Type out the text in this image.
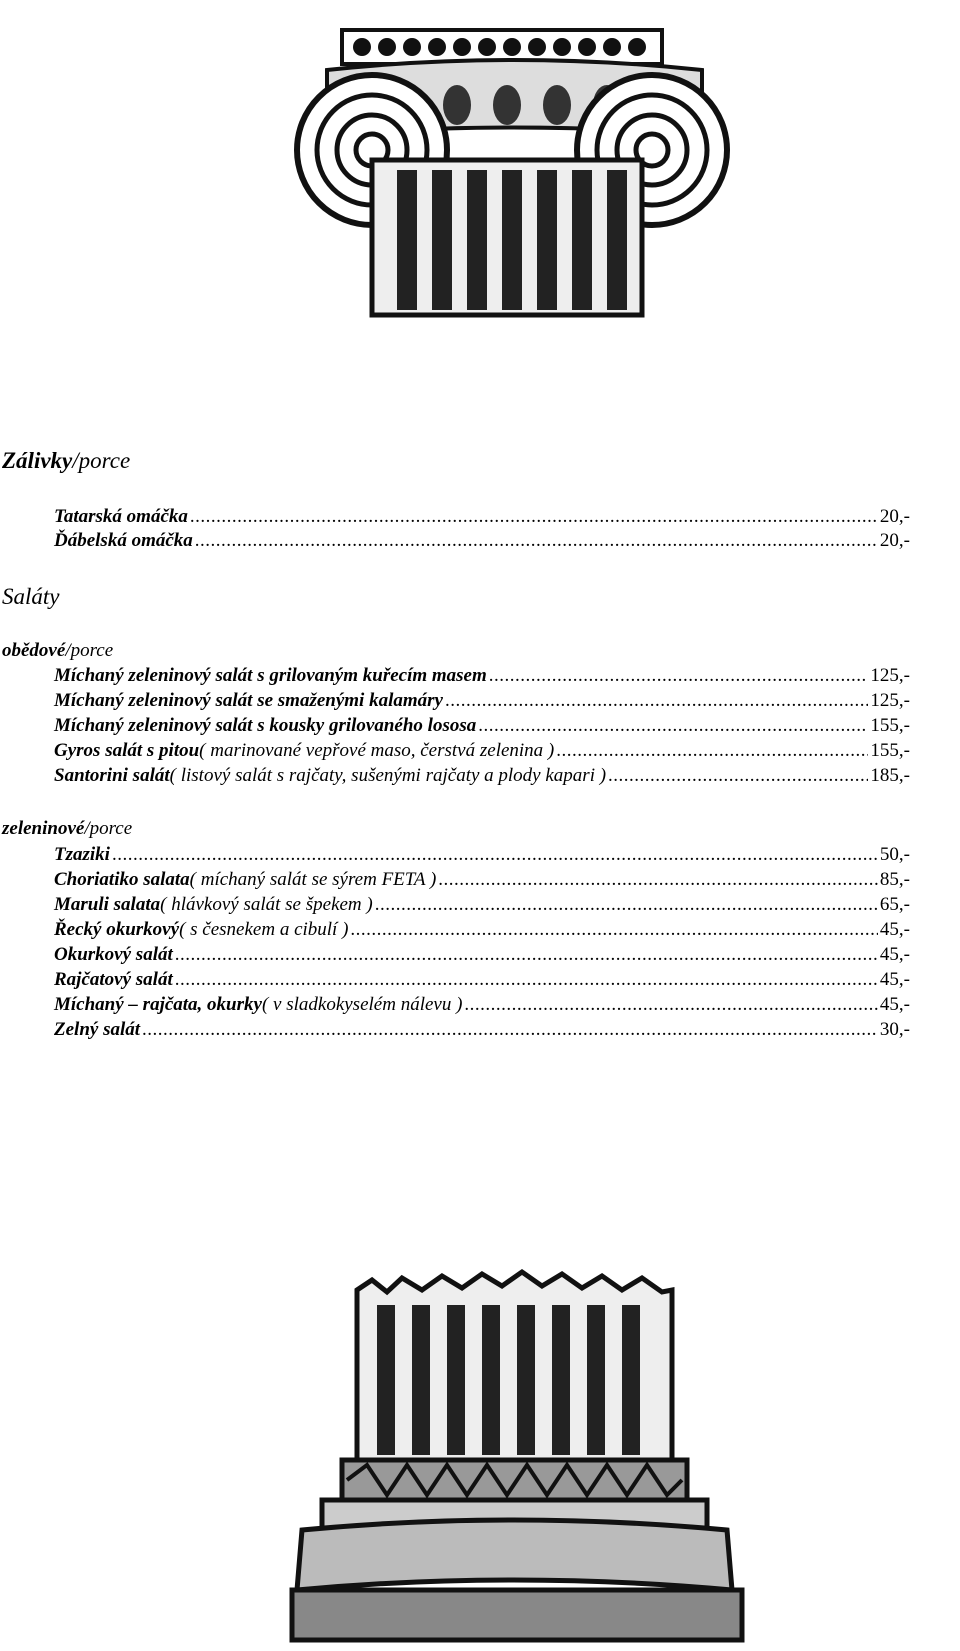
Zálivky/porce
Tatarská omáčka .....	20,-
Ďábelská omáčka .....	20,-
Saláty
obědové/porce
Míchaný zeleninový salát s grilovaným kuřecím masem .....	125,-
Míchaný zeleninový salát se smaženými kalamáry .....	125,-
Míchaný zeleninový salát s kousky grilovaného lososa .....	155,-
Gyros salát s pitou ( marinované vepřové maso, čerstvá zelenina ) .....	155,-
Santorini salát ( listový salát s rajčaty, sušenými rajčaty a plody kapari ) .....	185,-
zeleninové/porce
Tzaziki .....	50,-
Choriatiko salata ( míchaný salát se sýrem FETA ) .....	85,-
Maruli salata ( hlávkový salát se špekem ) .....	65,-
Řecký okurkový ( s česnekem a cibulí ) .....	45,-
Okurkový salát .....	45,-
Rajčatový salát .....	45,-
Míchaný – rajčata, okurky ( v sladkokyselém nálevu ) .....	45,-
Zelný salát .....	30,-
